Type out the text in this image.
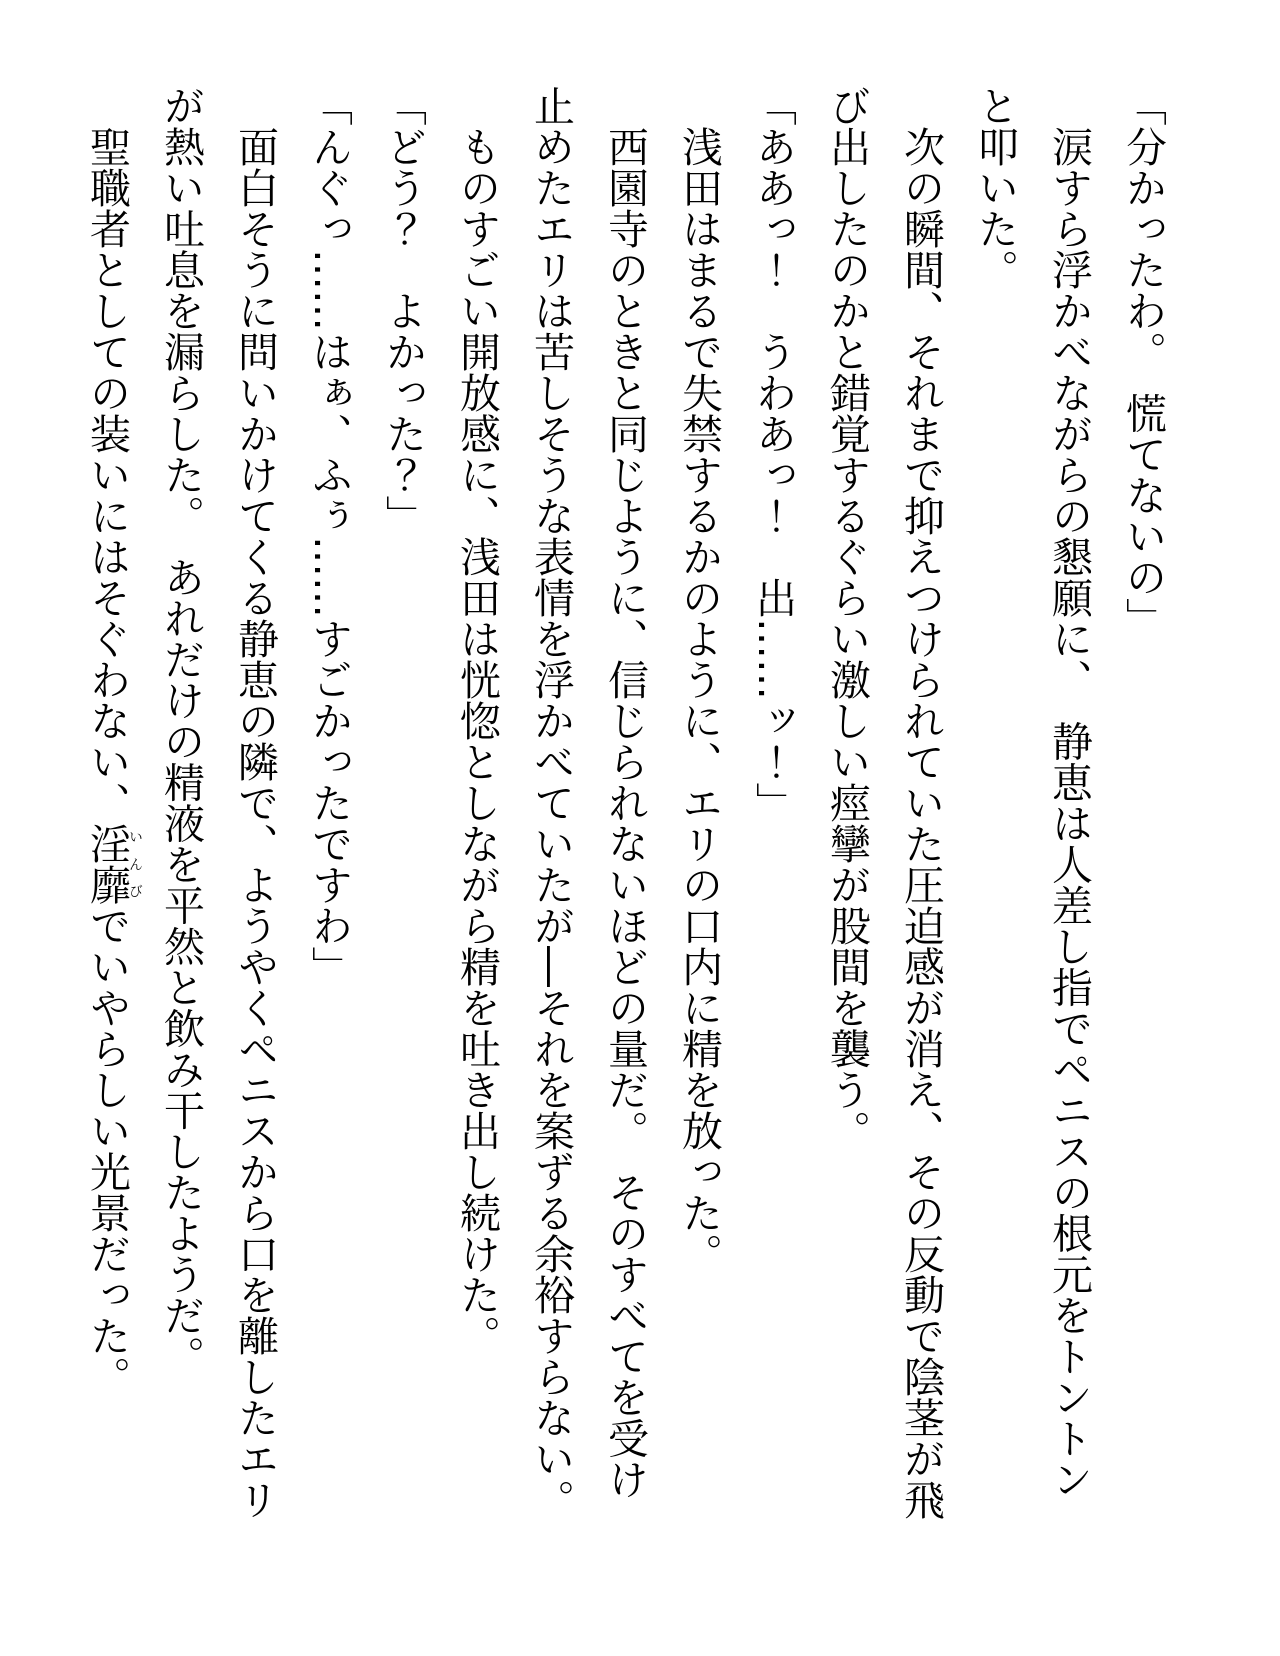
「分かったわ。　慌てないの」

涙すら浮かべながらの懇願に、　静恵は人差し指でペニスの根元をトントンと叩いた。

次の瞬間、それまで抑えつけられていた圧迫感が消え、その反動で陰茎が飛び出したのかと錯覚するぐらい激しい痙攣が股間を襲う。

「ああっ！　うわあっ！　出……ッ！」

浅田はまるで失禁するかのように、エリの口内に精を放った。

西園寺のときと同じように、信じられないほどの量だ。　そのすべてを受け止めたエリは苦しそうな表情を浮かべていたが―それを案ずる余裕すらない。

ものすごい開放感に、浅田は恍惚としながら精を吐き出し続けた。

「どう？　よかった？」

「んぐっ……はぁ、ふぅ……すごかったですわ」

面白そうに問いかけてくる静恵の隣で、ようやくペニスから口を離したエリが熱い吐息を漏らした。　あれだけの精液を平然と飲み干したようだ。

聖職者としての装いにはそぐわない、淫靡いんびでいやらしい光景だった。
